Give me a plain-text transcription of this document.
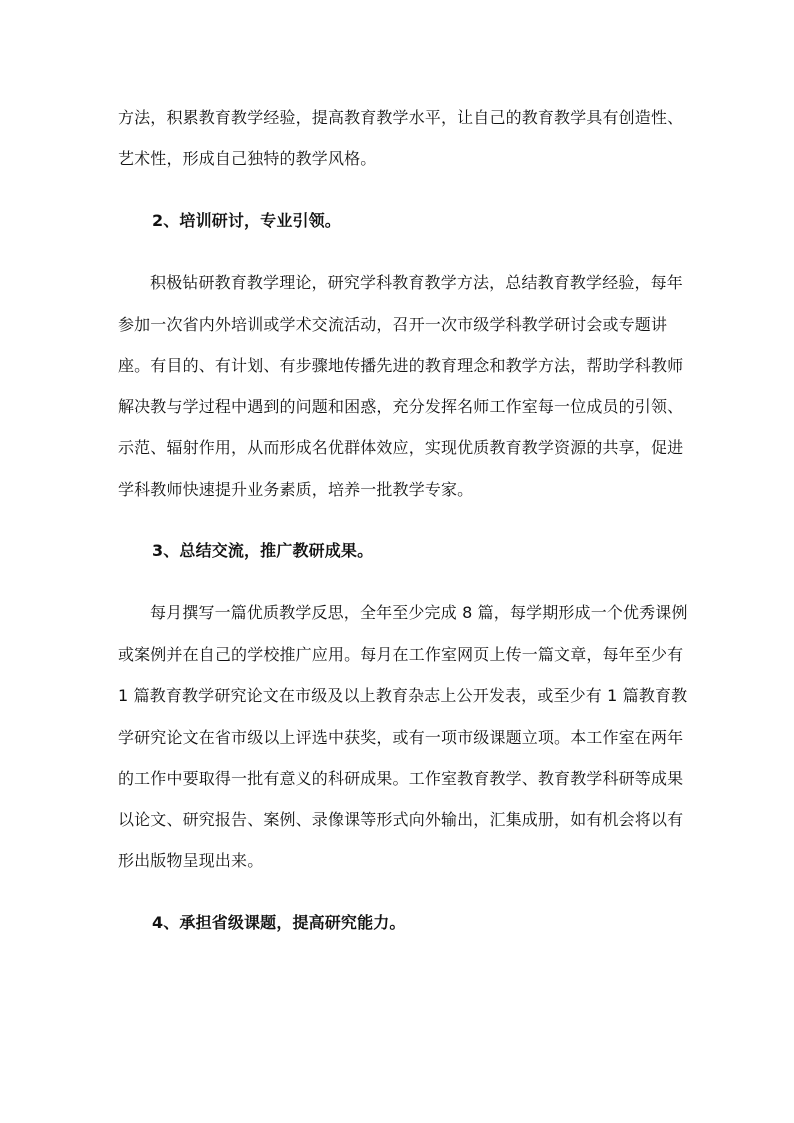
方法，积累教育教学经验，提高教育教学水平，让自己的教育教学具有创造性、
艺术性，形成自己独特的教学风格。
2、培训研讨，专业引领。
积极钻研教育教学理论，研究学科教育教学方法，总结教育教学经验，每年
参加一次省内外培训或学术交流活动，召开一次市级学科教学研讨会或专题讲
座。有目的、有计划、有步骤地传播先进的教育理念和教学方法，帮助学科教师
解决教与学过程中遇到的问题和困惑，充分发挥名师工作室每一位成员的引领、
示范、辐射作用，从而形成名优群体效应，实现优质教育教学资源的共享，促进
学科教师快速提升业务素质，培养一批教学专家。
3、总结交流，推广教研成果。
每月撰写一篇优质教学反思，全年至少完成 8 篇，每学期形成一个优秀课例
或案例并在自己的学校推广应用。每月在工作室网页上传一篇文章，每年至少有
1 篇教育教学研究论文在市级及以上教育杂志上公开发表，或至少有 1 篇教育教
学研究论文在省市级以上评选中获奖，或有一项市级课题立项。本工作室在两年
的工作中要取得一批有意义的科研成果。工作室教育教学、教育教学科研等成果
以论文、研究报告、案例、录像课等形式向外输出，汇集成册，如有机会将以有
形出版物呈现出来。
4、承担省级课题，提高研究能力。
